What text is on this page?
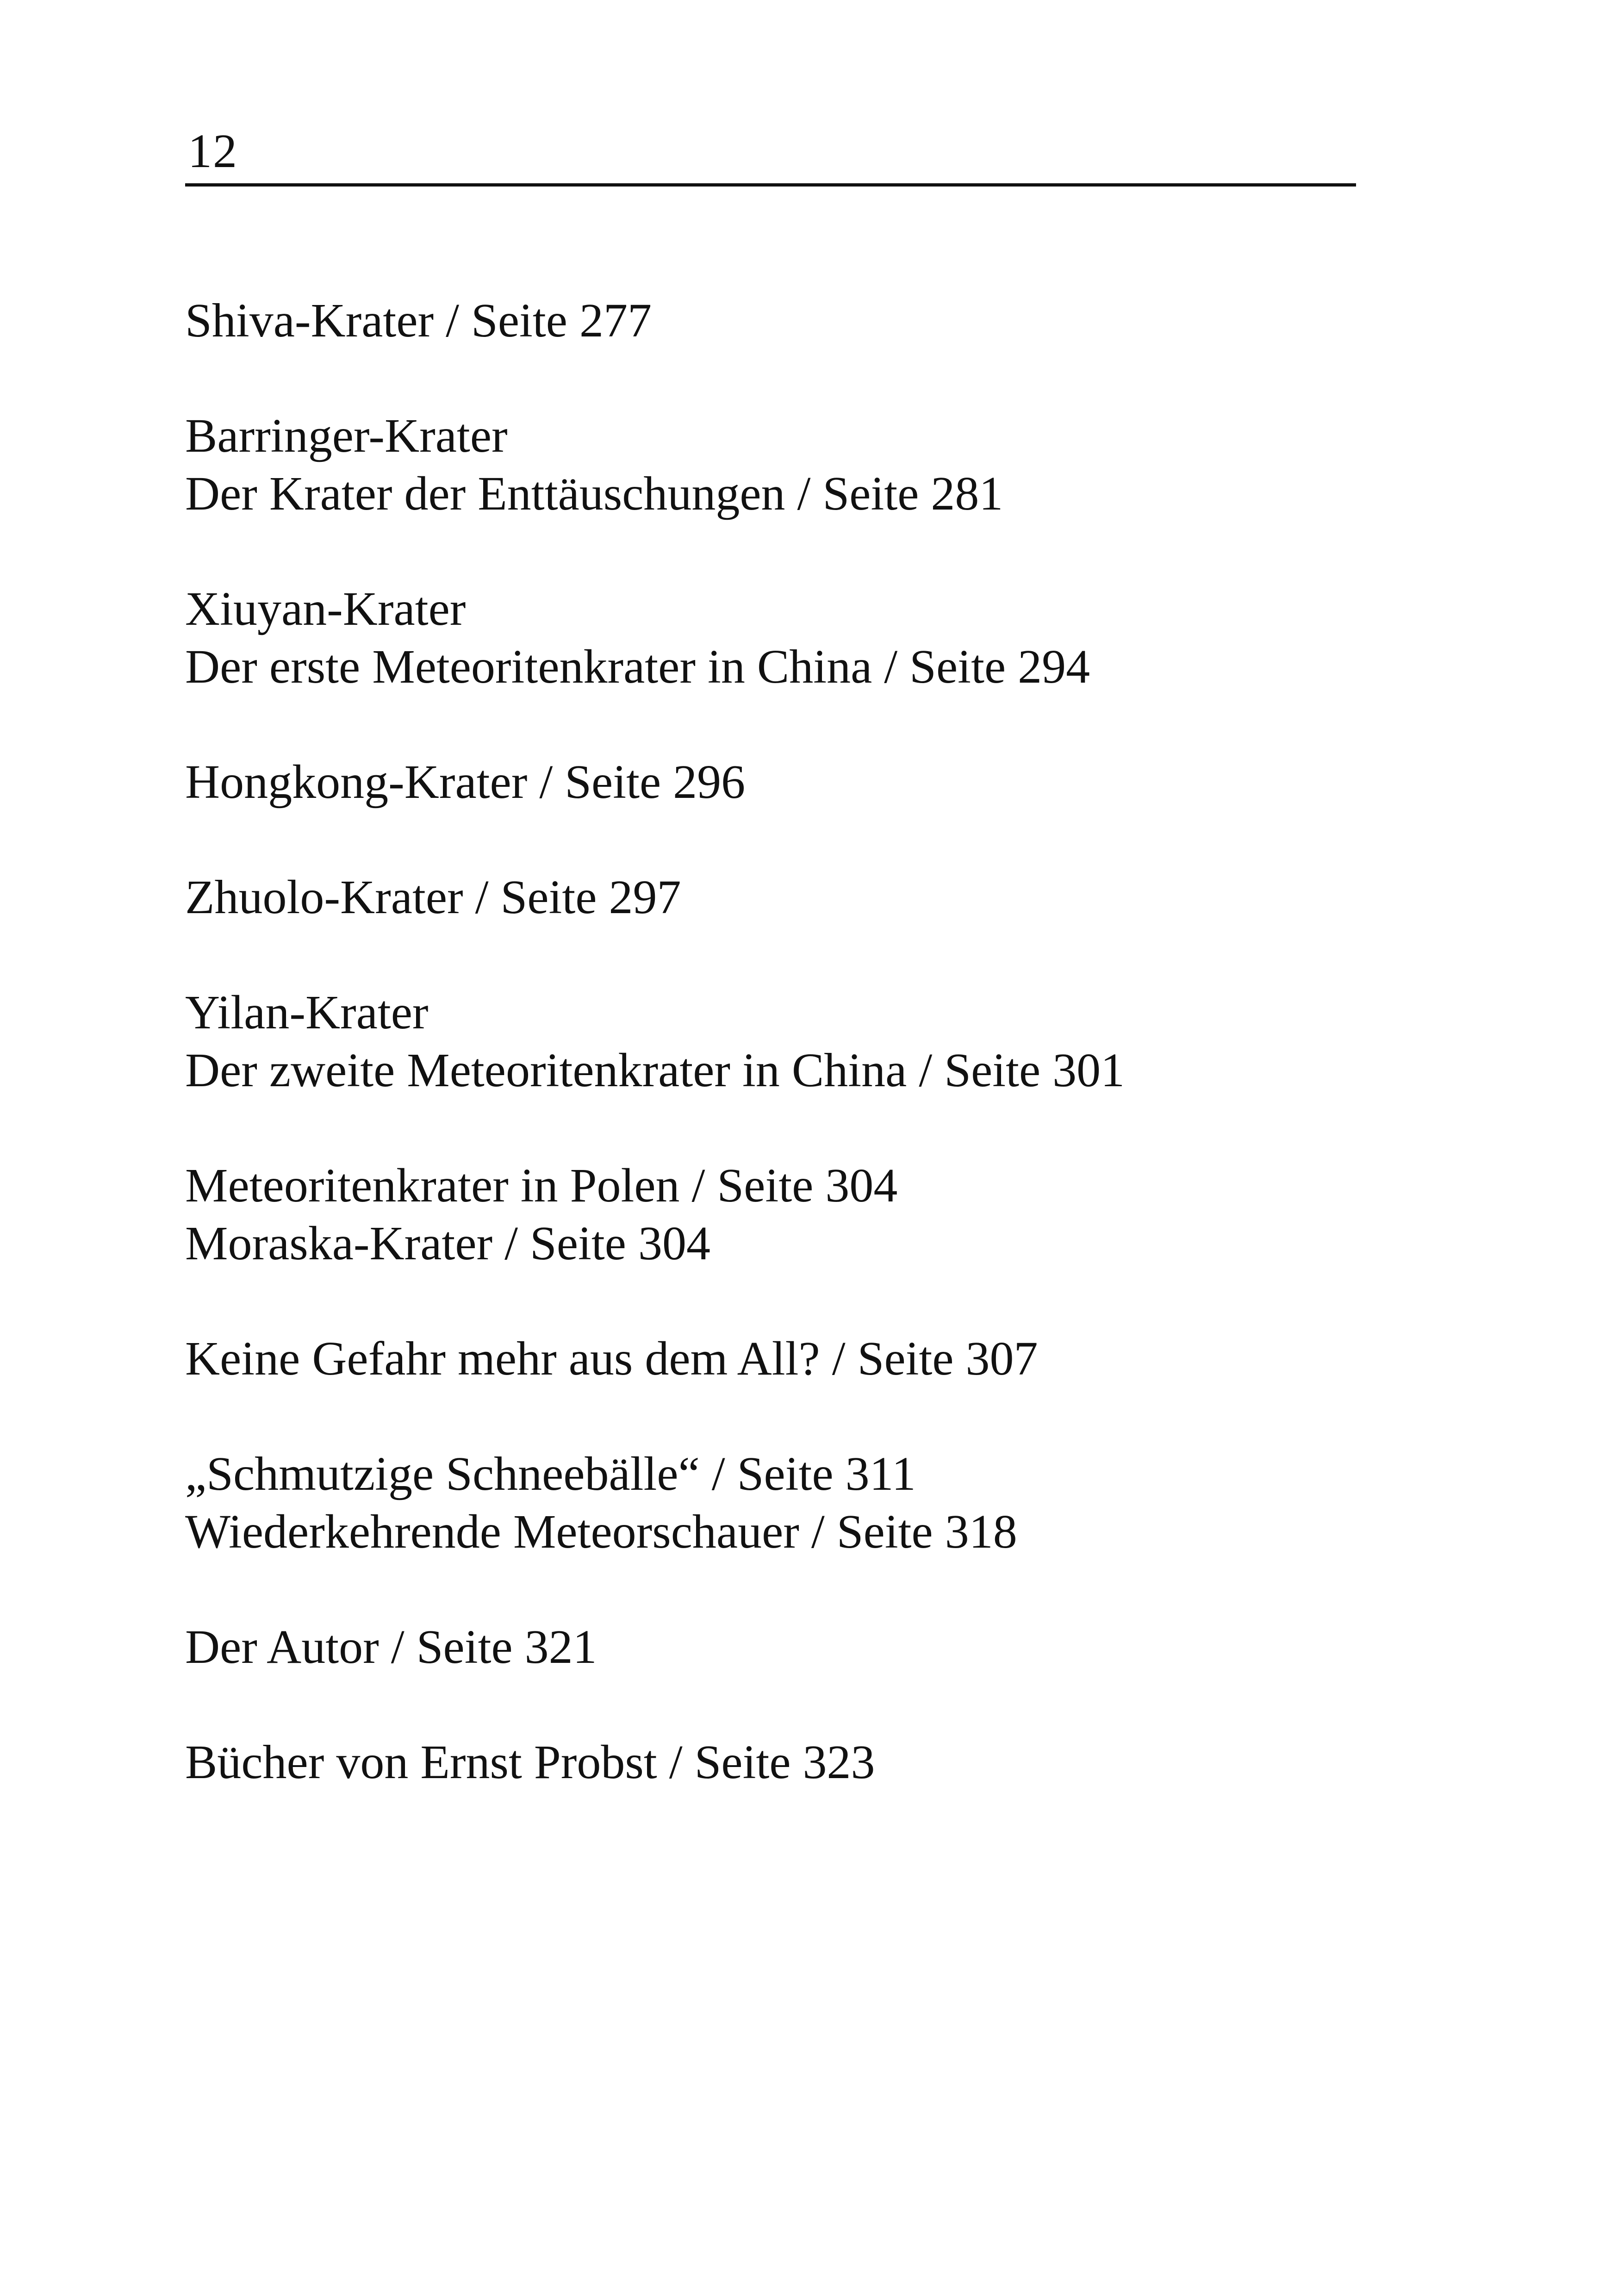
12
Shiva-Krater / Seite 277
Barringer-Krater
Der Krater der Enttäuschungen / Seite 281
Xiuyan-Krater
Der erste Meteoritenkrater in China / Seite 294
Hongkong-Krater / Seite 296
Zhuolo-Krater / Seite 297
Yilan-Krater
Der zweite Meteoritenkrater in China / Seite 301
Meteoritenkrater in Polen / Seite 304
Moraska-Krater / Seite 304
Keine Gefahr mehr aus dem All? / Seite 307
„Schmutzige Schneebälle“ / Seite 311
Wiederkehrende Meteorschauer / Seite 318
Der Autor / Seite 321
Bücher von Ernst Probst / Seite 323
